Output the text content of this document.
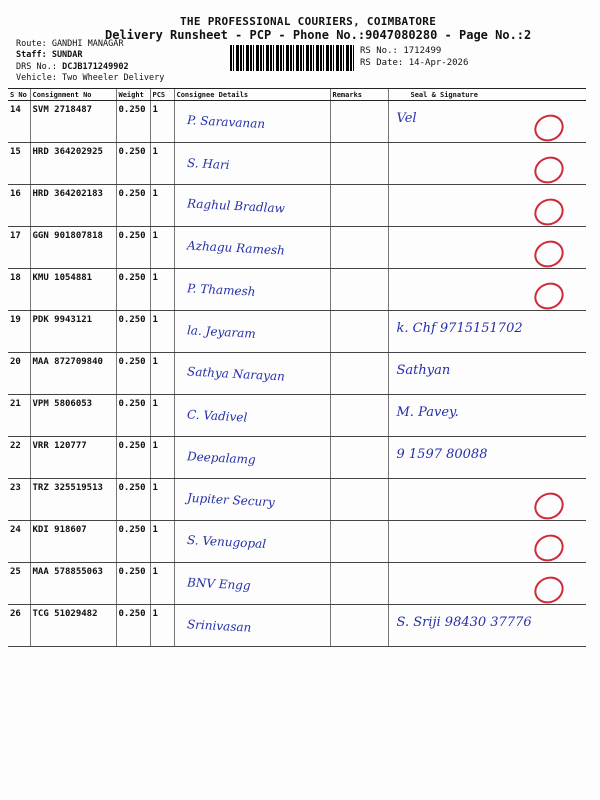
THE PROFESSIONAL COURIERS, COIMBATORE
Delivery Runsheet - PCP - Phone No.:9047080280 - Page No.:2
Route: GANDHI MANAGAR
Staff: SUNDAR
DRS No.: DCJB171249902
Vehicle: Two Wheeler Delivery
RS No.: 1712499
RS Date: 14-Apr-2026
S No	Consignment No	Weight	PCS	Consignee Details	Remarks	Seal & Signature
14	SVM 2718487	0.250	1	P. Saravanan		Vel

15	HRD 364202925	0.250	1	S. Hari		

16	HRD 364202183	0.250	1	Raghul Bradlaw		

17	GGN 901807818	0.250	1	Azhagu Ramesh		

18	KMU 1054881	0.250	1	P. Thamesh		

19	PDK 9943121	0.250	1	la. Jeyaram		k. Chf 9715151702

20	MAA 872709840	0.250	1	Sathya Narayan		Sathyan

21	VPM 5806053	0.250	1	C. Vadivel		M. Pavey.

22	VRR 120777	0.250	1	Deepalamg		9 1597 80088

23	TRZ 325519513	0.250	1	Jupiter Secury		

24	KDI 918607	0.250	1	S. Venugopal		

25	MAA 578855063	0.250	1	BNV Engg		

26	TCG 51029482	0.250	1	Srinivasan		S. Sriji 98430 37776
